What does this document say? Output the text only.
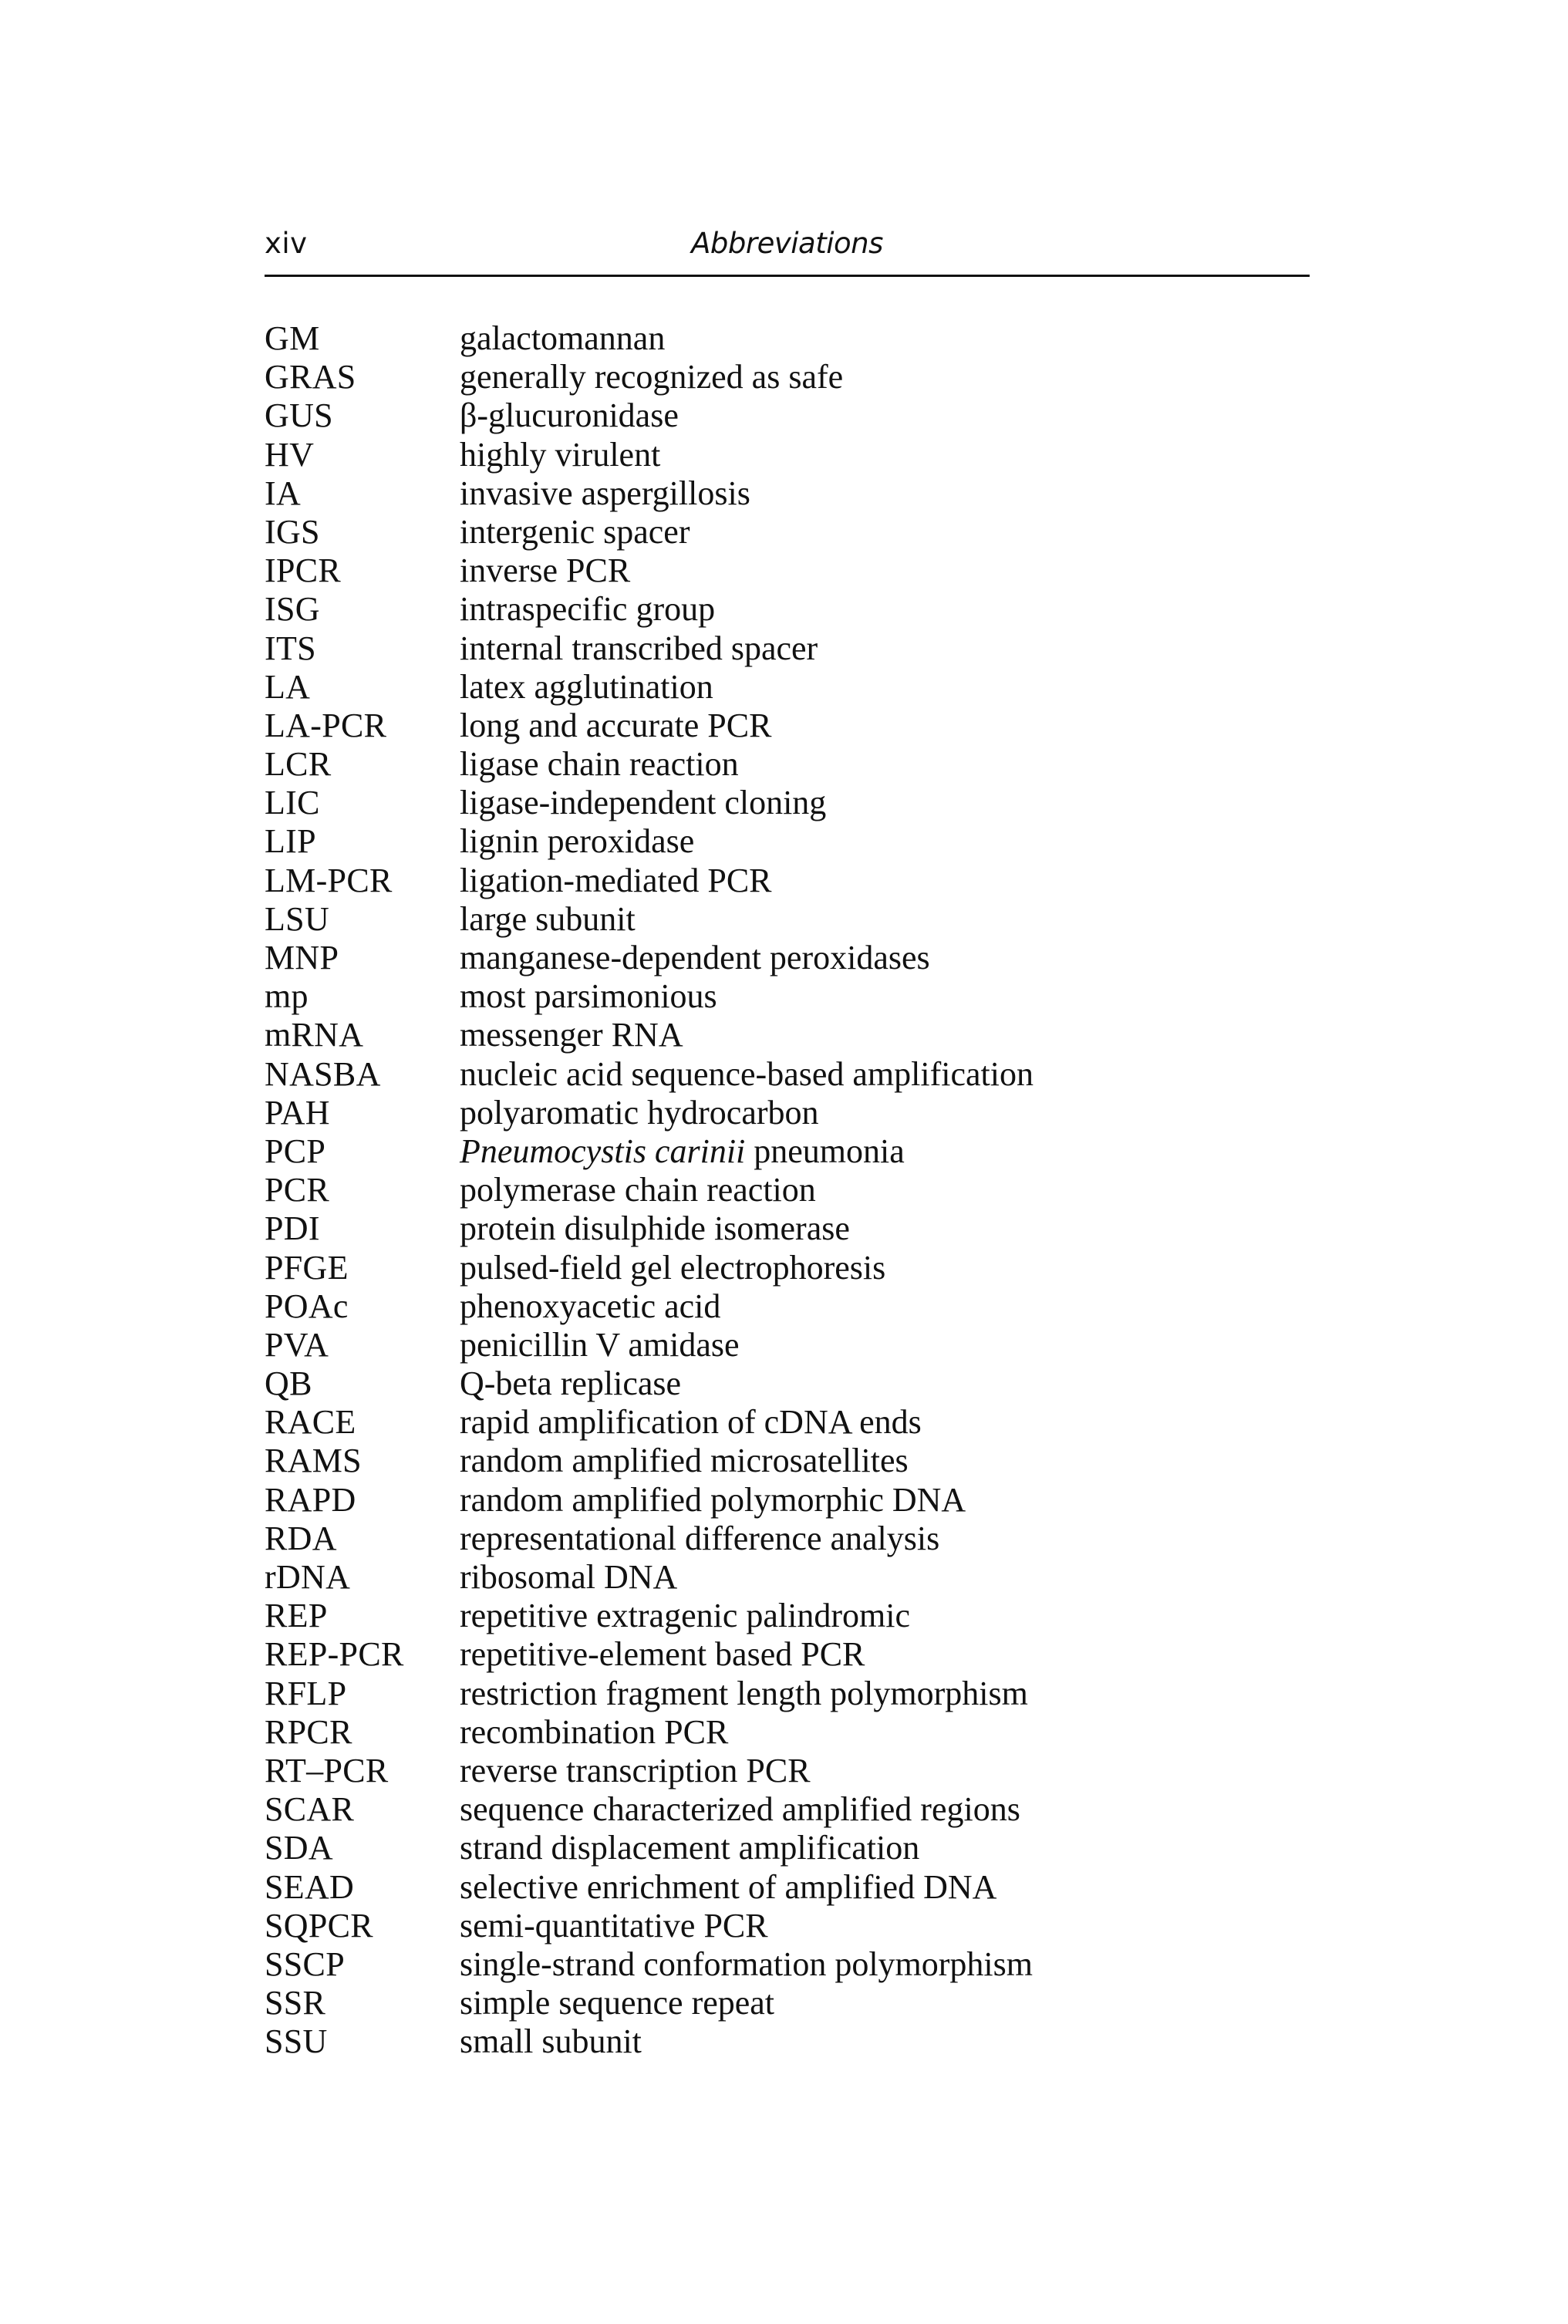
xiv	Abbreviations
GM	galactomannan
GRAS	generally recognized as safe
GUS	β-glucuronidase
HV	highly virulent
IA	invasive aspergillosis
IGS	intergenic spacer
IPCR	inverse PCR
ISG	intraspecific group
ITS	internal transcribed spacer
LA	latex agglutination
LA-PCR	long and accurate PCR
LCR	ligase chain reaction
LIC	ligase-independent cloning
LIP	lignin peroxidase
LM-PCR	ligation-mediated PCR
LSU	large subunit
MNP	manganese-dependent peroxidases
mp	most parsimonious
mRNA	messenger RNA
NASBA	nucleic acid sequence-based amplification
PAH	polyaromatic hydrocarbon
PCP	Pneumocystis carinii pneumonia
PCR	polymerase chain reaction
PDI	protein disulphide isomerase
PFGE	pulsed-field gel electrophoresis
POAc	phenoxyacetic acid
PVA	penicillin V amidase
QB	Q-beta replicase
RACE	rapid amplification of cDNA ends
RAMS	random amplified microsatellites
RAPD	random amplified polymorphic DNA
RDA	representational difference analysis
rDNA	ribosomal DNA
REP	repetitive extragenic palindromic
REP-PCR	repetitive-element based PCR
RFLP	restriction fragment length polymorphism
RPCR	recombination PCR
RT–PCR	reverse transcription PCR
SCAR	sequence characterized amplified regions
SDA	strand displacement amplification
SEAD	selective enrichment of amplified DNA
SQPCR	semi-quantitative PCR
SSCP	single-strand conformation polymorphism
SSR	simple sequence repeat
SSU	small subunit
